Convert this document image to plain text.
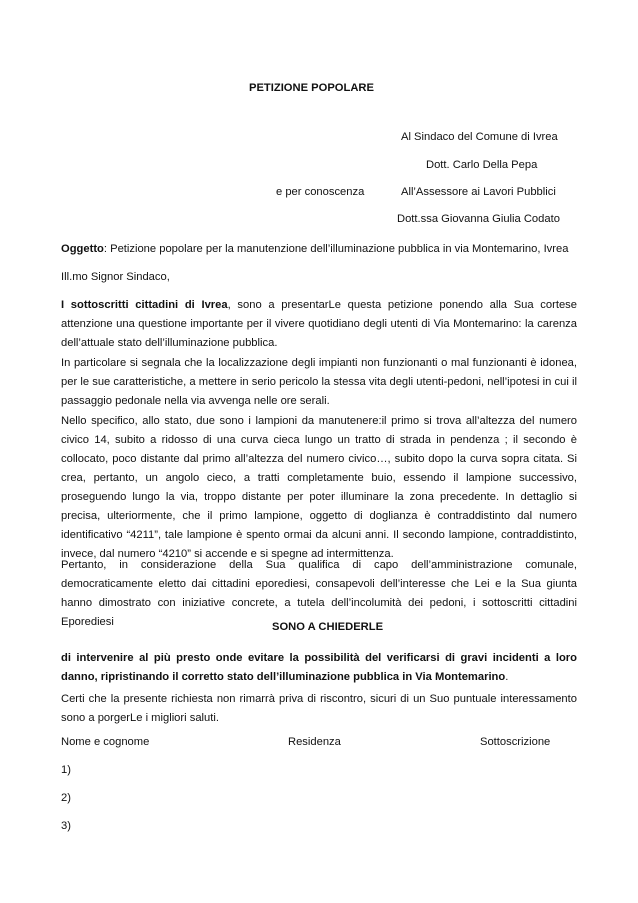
PETIZIONE POPOLARE
Al Sindaco del Comune di Ivrea
Dott. Carlo Della Pepa
e per conoscenza	All’Assessore ai Lavori Pubblici
Dott.ssa Giovanna Giulia Codato
Oggetto: Petizione popolare per la manutenzione dell’illuminazione pubblica in via Montemarino, Ivrea
Ill.mo Signor Sindaco,
I sottoscritti cittadini di Ivrea, sono a presentarLe questa petizione ponendo alla Sua cortese attenzione una questione importante per il vivere quotidiano degli utenti di Via Montemarino: la carenza dell’attuale stato dell’illuminazione pubblica.
In particolare si segnala che la localizzazione degli impianti non funzionanti o mal funzionanti è idonea, per le sue caratteristiche, a mettere in serio pericolo la stessa vita degli utenti-pedoni, nell’ipotesi in cui il passaggio pedonale nella via avvenga nelle ore serali.
Nello specifico, allo stato, due sono i lampioni da manutenere:il primo si trova all’altezza del numero civico 14, subito a ridosso di una curva cieca lungo un tratto di strada in pendenza ; il secondo è collocato, poco distante dal primo all’altezza del numero civico…, subito dopo la curva sopra citata. Si crea, pertanto, un angolo cieco, a tratti completamente buio, essendo il lampione successivo, proseguendo lungo la via, troppo distante per poter illuminare la zona precedente. In dettaglio si precisa, ulteriormente, che il primo lampione, oggetto di doglianza è contraddistinto dal numero identificativo “4211”, tale lampione è spento ormai da alcuni anni. Il secondo lampione, contraddistinto, invece, dal numero “4210” si accende e si spegne ad intermittenza.
Pertanto, in considerazione della Sua qualifica di capo dell’amministrazione comunale, democraticamente eletto dai cittadini eporediesi, consapevoli dell’interesse che Lei e la Sua giunta hanno dimostrato con iniziative concrete, a tutela dell’incolumità dei pedoni, i sottoscritti cittadini Eporediesi	SONO A CHIEDERLE
di intervenire al più presto onde evitare la possibilità del verificarsi di gravi incidenti a loro danno, ripristinando il corretto stato dell’illuminazione pubblica in Via Montemarino.
Certi che la presente richiesta non rimarrà priva di riscontro, sicuri di un Suo puntuale interessamento sono a porgerLe i migliori saluti.
Nome e cognome	Residenza	Sottoscrizione
1)
2)
3)
